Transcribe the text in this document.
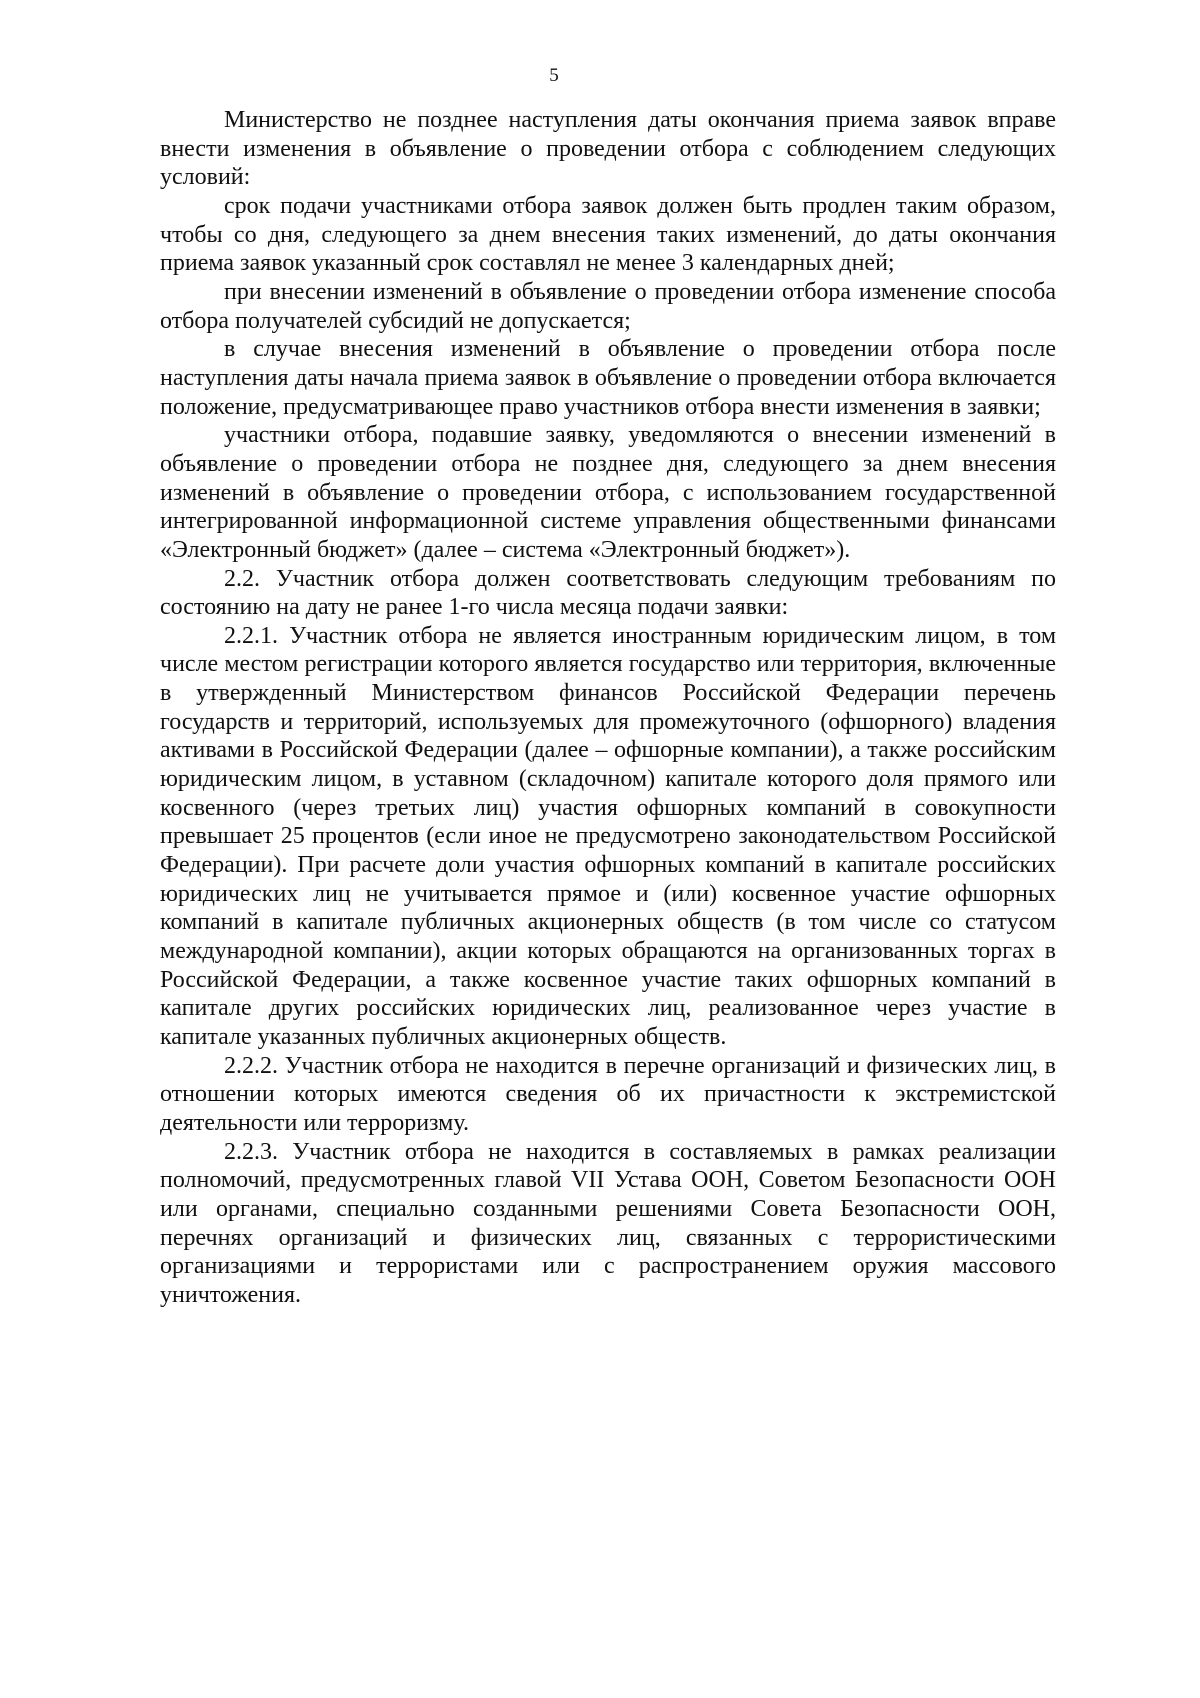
5

Министерство не позднее наступления даты окончания приема заявок вправе внести изменения в объявление о проведении отбора с соблюдением следующих условий:

срок подачи участниками отбора заявок должен быть продлен таким образом, чтобы со дня, следующего за днем внесения таких изменений, до даты окончания приема заявок указанный срок составлял не менее 3 календарных дней;

при внесении изменений в объявление о проведении отбора изменение способа отбора получателей субсидий не допускается;

в случае внесения изменений в объявление о проведении отбора после наступления даты начала приема заявок в объявление о проведении отбора включается положение, предусматривающее право участников отбора внести изменения в заявки;

участники отбора, подавшие заявку, уведомляются о внесении изменений в объявление о проведении отбора не позднее дня, следующего за днем внесения изменений в объявление о проведении отбора, с использованием государственной интегрированной информационной системе управления общественными финансами «Электронный бюджет» (далее – система «Электронный бюджет»).

2.2. Участник отбора должен соответствовать следующим требованиям по состоянию на дату не ранее 1-го числа месяца подачи заявки:

2.2.1. Участник отбора не является иностранным юридическим лицом, в том числе местом регистрации которого является государство или территория, включенные в утвержденный Министерством финансов Российской Федерации перечень государств и территорий, используемых для промежуточного (офшорного) владения активами в Российской Федерации (далее – офшорные компании), а также российским юридическим лицом, в уставном (складочном) капитале которого доля прямого или косвенного (через третьих лиц) участия офшорных компаний в совокупности превышает 25 процентов (если иное не предусмотрено законодательством Российской Федерации). При расчете доли участия офшорных компаний в капитале российских юридических лиц не учитывается прямое и (или) косвенное участие офшорных компаний в капитале публичных акционерных обществ (в том числе со статусом международной компании), акции которых обращаются на организованных торгах в Российской Федерации, а также косвенное участие таких офшорных компаний в капитале других российских юридических лиц, реализованное через участие в капитале указанных публичных акционерных обществ.

2.2.2. Участник отбора не находится в перечне организаций и физических лиц, в отношении которых имеются сведения об их причастности к экстремистской деятельности или терроризму.

2.2.3. Участник отбора не находится в составляемых в рамках реализации полномочий, предусмотренных главой VII Устава ООН, Советом Безопасности ООН или органами, специально созданными решениями Совета Безопасности ООН, перечнях организаций и физических лиц, связанных с террористическими организациями и террористами или с распространением оружия массового уничтожения.
